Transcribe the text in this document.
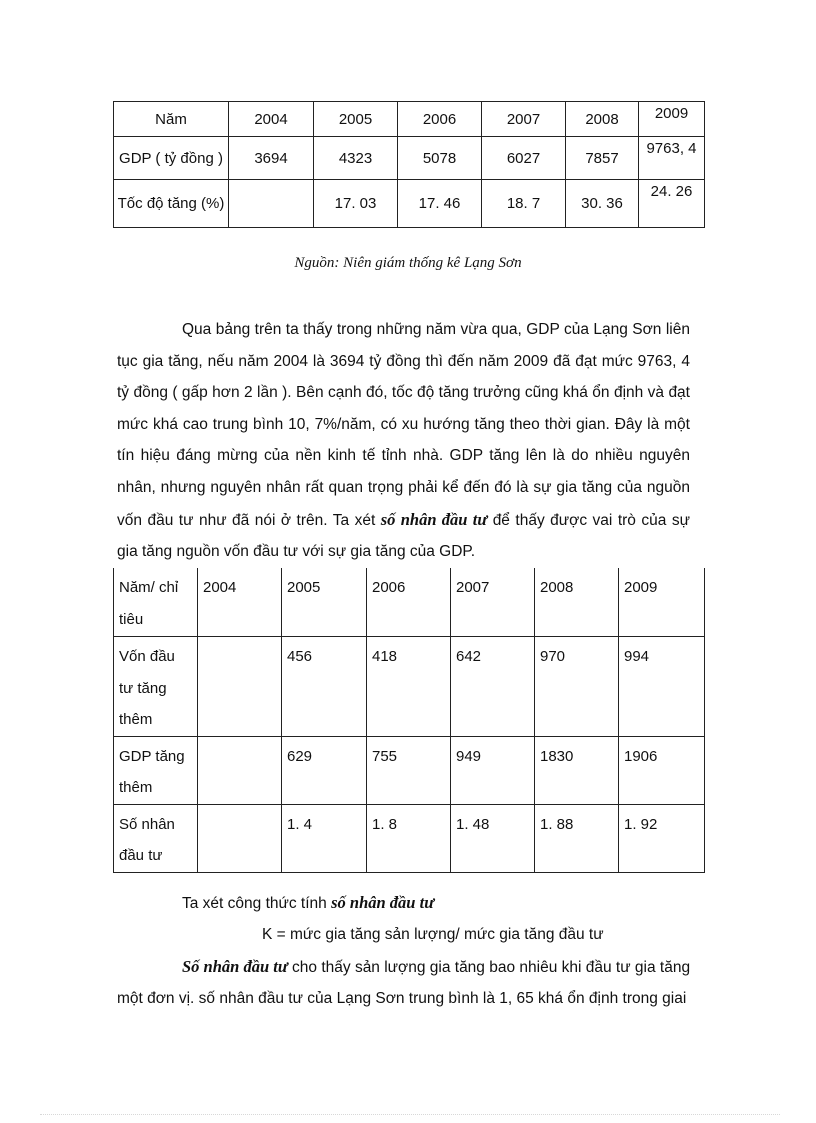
Năm	2004	2005	2006	2007	2008	2009
GDP ( tỷ đồng )	3694	4323	5078	6027	7857	9763, 4
Tốc độ tăng (%)		17. 03	17. 46	18. 7	30. 36	24. 26
Nguồn: Niên giám thống kê Lạng Sơn
Qua bảng trên ta thấy trong những năm vừa qua, GDP của Lạng Sơn liên tục gia tăng, nếu năm 2004 là 3694 tỷ đồng thì đến năm 2009 đã đạt mức 9763, 4 tỷ đồng ( gấp hơn 2 lần ). Bên cạnh đó, tốc độ tăng trưởng cũng khá ổn định và đạt mức khá cao trung bình 10, 7%/năm, có xu hướng tăng theo thời gian. Đây là một tín hiệu đáng mừng của nền kinh tế tỉnh nhà. GDP tăng lên là do nhiều nguyên nhân, nhưng nguyên nhân rất quan trọng phải kể đến đó là sự gia tăng của nguồn vốn đầu tư như đã nói ở trên. Ta xét số nhân đầu tư để thấy được vai trò của sự gia tăng nguồn vốn đầu tư với sự gia tăng của GDP.
Năm/ chỉ tiêu	2004	2005	2006	2007	2008	2009
Vốn đầu tư tăng thêm		456	418	642	970	994
GDP tăng thêm		629	755	949	1830	1906
Số nhân đầu tư		1. 4	1. 8	1. 48	1. 88	1. 92
Ta xét công thức tính số nhân đầu tư
K = mức gia tăng sản lượng/ mức gia tăng đầu tư
Số nhân đầu tư cho thấy sản lượng gia tăng bao nhiêu khi đầu tư gia tăng
một đơn vị. số nhân đầu tư của Lạng Sơn trung bình là 1, 65 khá ổn định trong giai
